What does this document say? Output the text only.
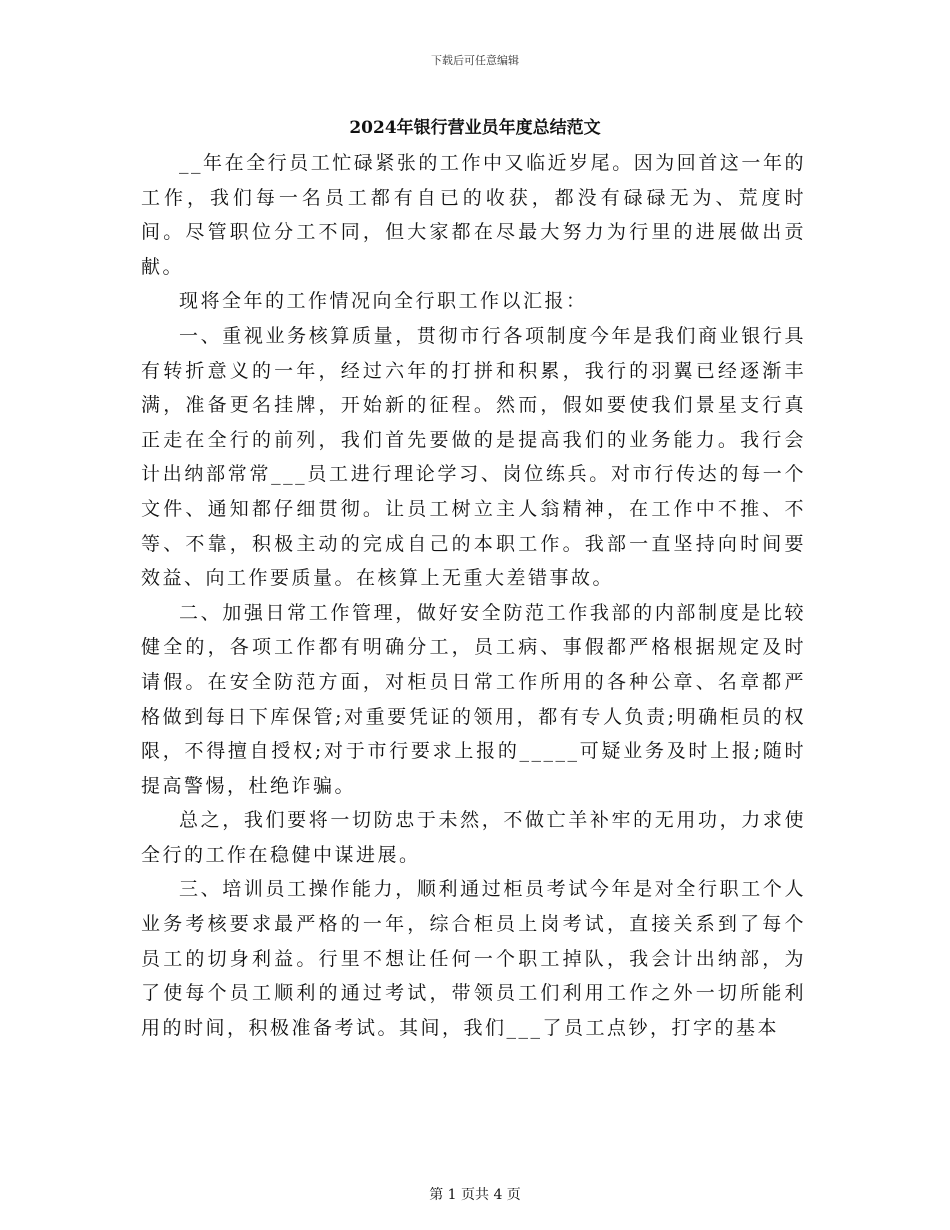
下载后可任意编辑
2024年银行营业员年度总结范文

__年在全行员工忙碌紧张的工作中又临近岁尾。因为回首这一年的工作，我们每一名员工都有自已的收获，都没有碌碌无为、荒度时间。尽管职位分工不同，但大家都在尽最大努力为行里的进展做出贡献。

现将全年的工作情况向全行职工作以汇报：

一、重视业务核算质量，贯彻市行各项制度今年是我们商业银行具有转折意义的一年，经过六年的打拼和积累，我行的羽翼已经逐渐丰满，准备更名挂牌，开始新的征程。然而，假如要使我们景星支行真正走在全行的前列，我们首先要做的是提高我们的业务能力。我行会计出纳部常常___员工进行理论学习、岗位练兵。对市行传达的每一个文件、通知都仔细贯彻。让员工树立主人翁精神，在工作中不推、不等、不靠，积极主动的完成自己的本职工作。我部一直坚持向时间要效益、向工作要质量。在核算上无重大差错事故。

二、加强日常工作管理，做好安全防范工作我部的内部制度是比较健全的，各项工作都有明确分工，员工病、事假都严格根据规定及时请假。在安全防范方面，对柜员日常工作所用的各种公章、名章都严格做到每日下库保管;对重要凭证的领用，都有专人负责;明确柜员的权限，不得擅自授权;对于市行要求上报的_____可疑业务及时上报;随时提高警惕，杜绝诈骗。

总之，我们要将一切防忠于未然，不做亡羊补牢的无用功，力求使全行的工作在稳健中谋进展。

三、培训员工操作能力，顺利通过柜员考试今年是对全行职工个人业务考核要求最严格的一年，综合柜员上岗考试，直接关系到了每个员工的切身利益。行里不想让任何一个职工掉队，我会计出纳部，为了使每个员工顺利的通过考试，带领员工们利用工作之外一切所能利用的时间，积极准备考试。其间，我们___了员工点钞，打字的基本

第 1 页共 4 页
